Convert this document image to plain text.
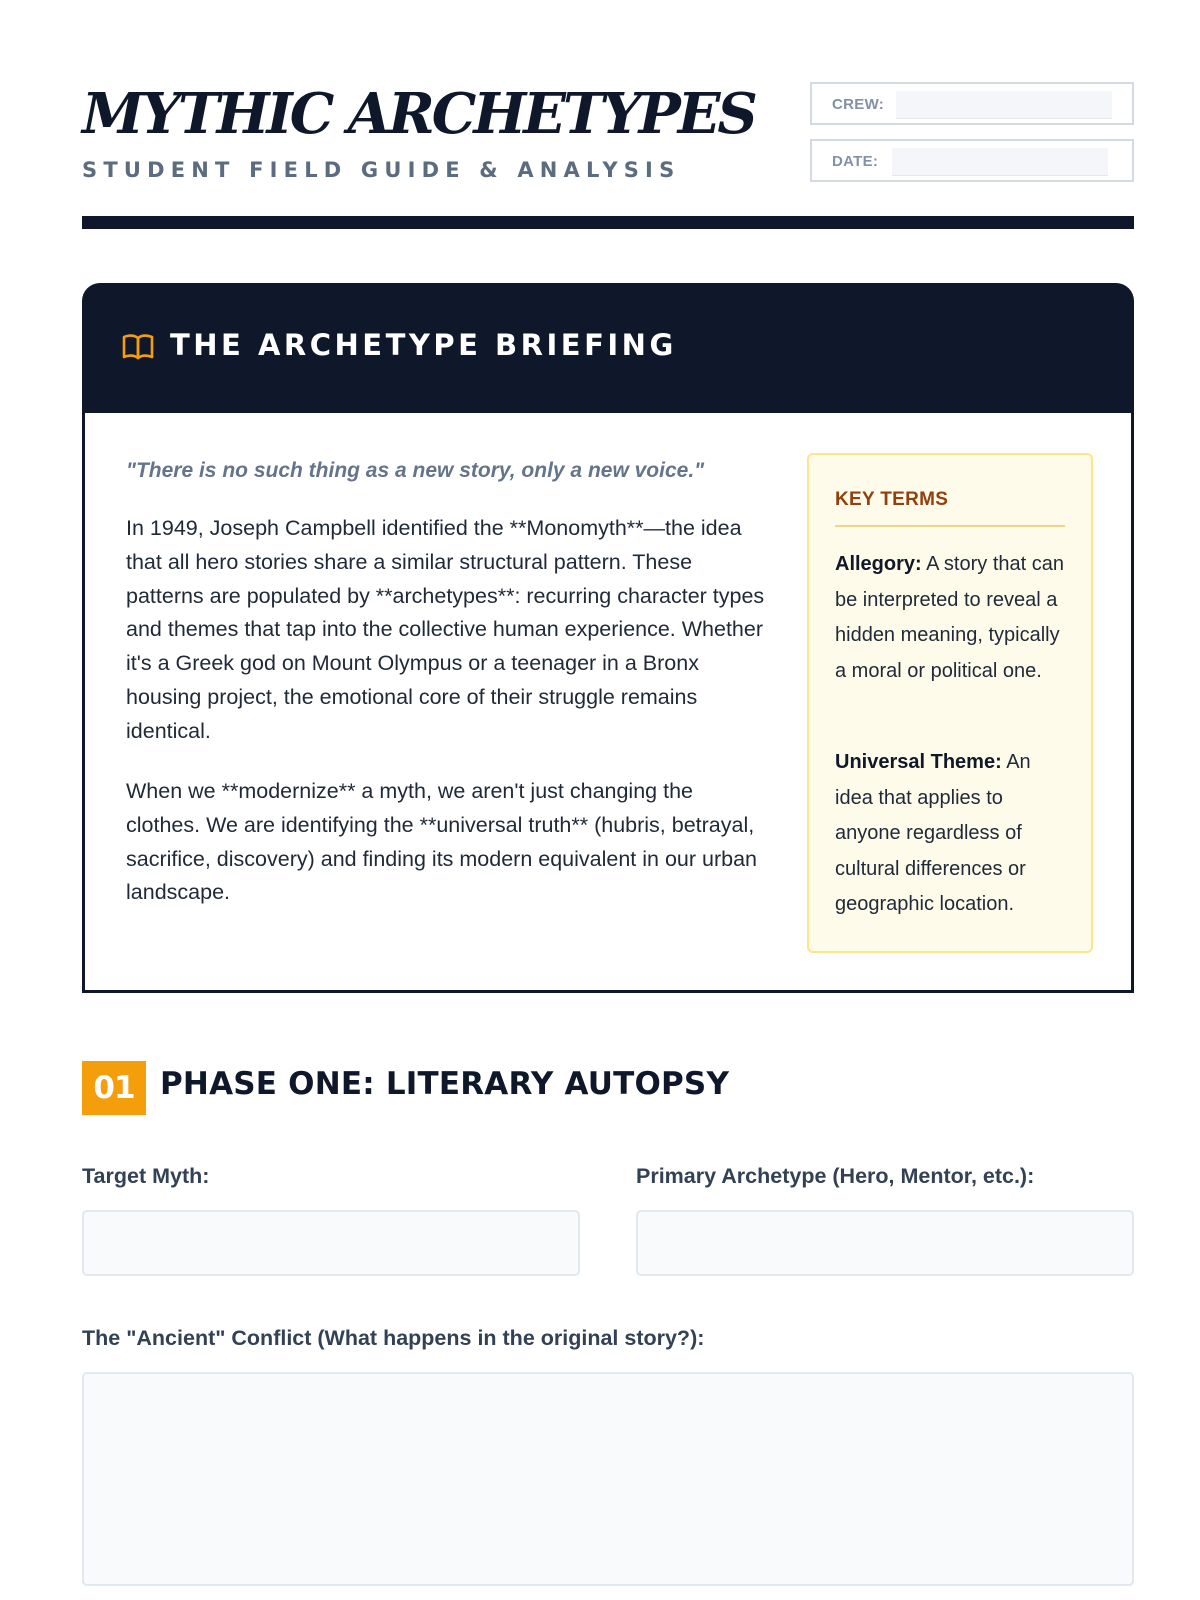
MYTHIC ARCHETYPES
STUDENT FIELD GUIDE & ANALYSIS
CREW:
DATE:
THE ARCHETYPE BRIEFING
"There is no such thing as a new story, only a new voice."
In 1949, Joseph Campbell identified the **Monomyth**—the idea that all hero stories share a similar structural pattern. These patterns are populated by **archetypes**: recurring character types and themes that tap into the collective human experience. Whether it's a Greek god on Mount Olympus or a teenager in a Bronx housing project, the emotional core of their struggle remains identical.
When we **modernize** a myth, we aren't just changing the clothes. We are identifying the **universal truth** (hubris, betrayal, sacrifice, discovery) and finding its modern equivalent in our urban landscape.
KEY TERMS
Allegory: A story that can be interpreted to reveal a hidden meaning, typically a moral or political one.
Universal Theme: An idea that applies to anyone regardless of cultural differences or geographic location.
01 PHASE ONE: LITERARY AUTOPSY
Target Myth:	Primary Archetype (Hero, Mentor, etc.):
The "Ancient" Conflict (What happens in the original story?):
